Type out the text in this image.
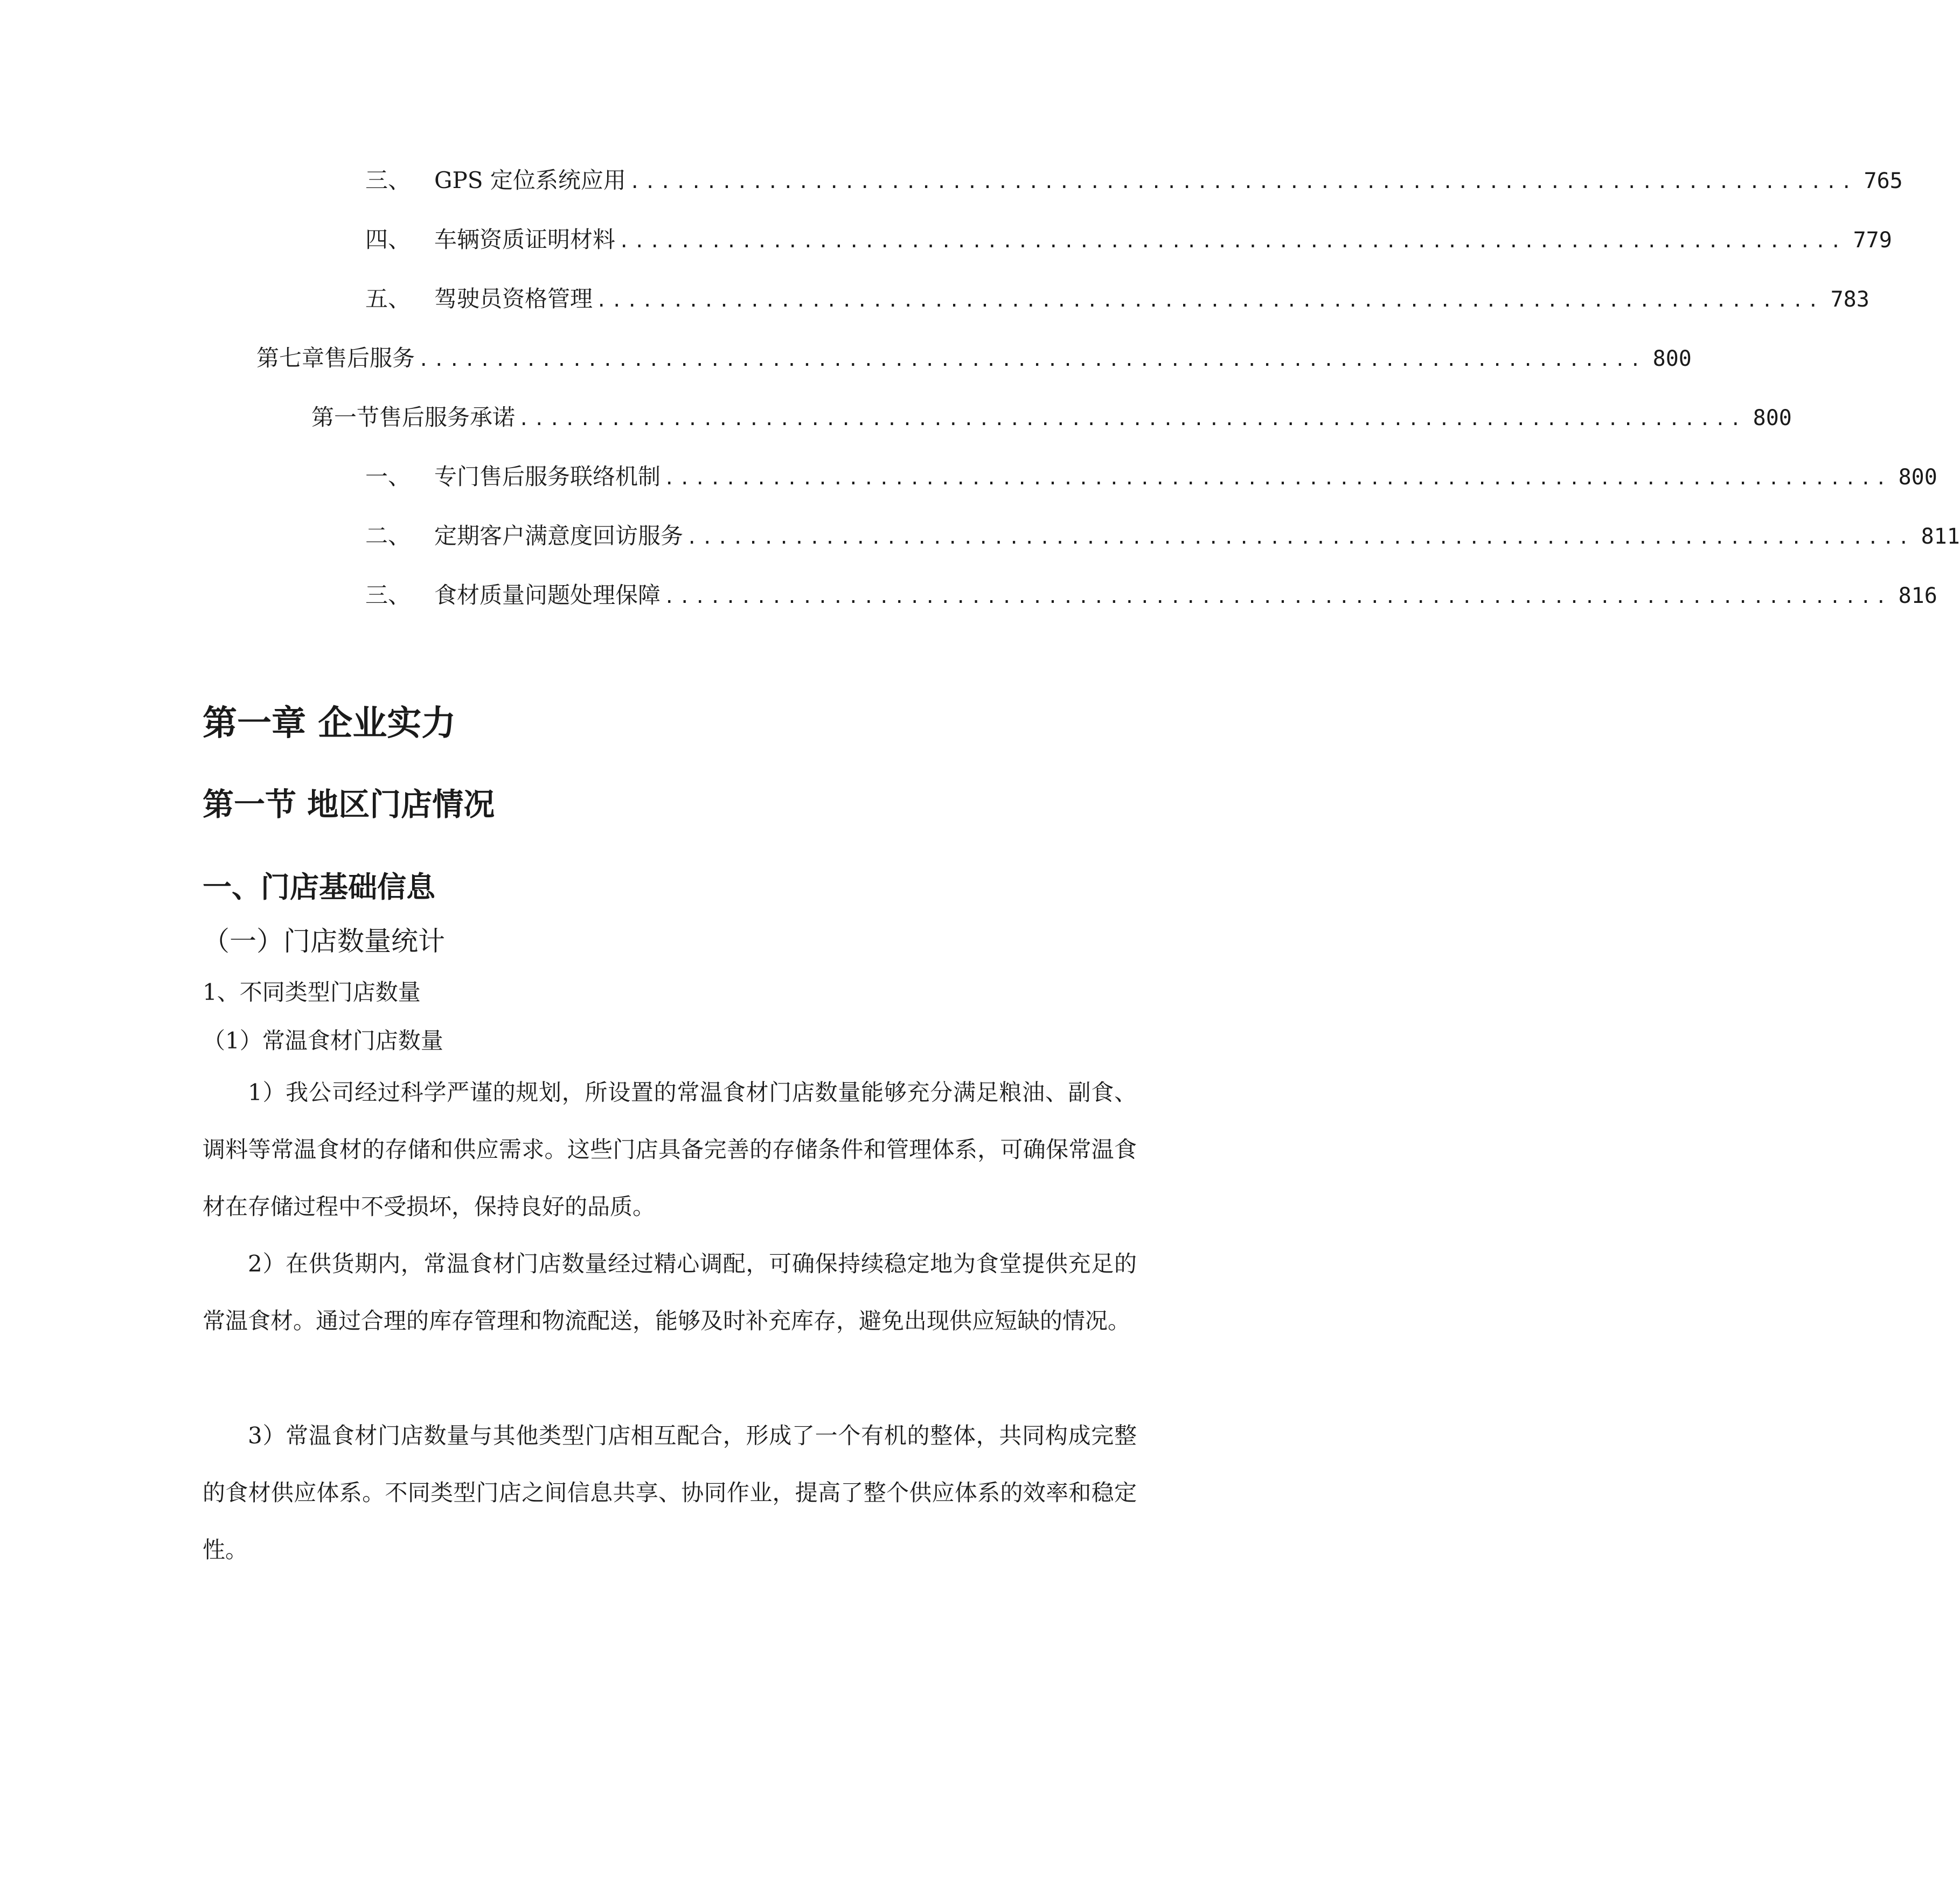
三、	GPS 定位系统应用 ................................................................................ 765
四、	车辆资质证明材料 ................................................................................ 779
五、	驾驶员资格管理 ................................................................................ 783
第七章 售后服务 ................................................................................ 800
第一节 售后服务承诺 ................................................................................ 800
一、	专门售后服务联络机制 ................................................................................ 800
二、	定期客户满意度回访服务 ................................................................................ 811
三、	食材质量问题处理保障 ................................................................................ 816
第一章 企业实力
第一节 地区门店情况
一、门店基础信息
（一）门店数量统计
1、不同类型门店数量
（1）常温食材门店数量

1）我公司经过科学严谨的规划，所设置的常温食材门店数量能够充分满足粮油、副食、调料等常温食材的存储和供应需求。这些门店具备完善的存储条件和管理体系，可确保常温食材在存储过程中不受损坏，保持良好的品质。

2）在供货期内，常温食材门店数量经过精心调配，可确保持续稳定地为食堂提供充足的常温食材。通过合理的库存管理和物流配送，能够及时补充库存，避免出现供应短缺的情况。

3）常温食材门店数量与其他类型门店相互配合，形成了一个有机的整体，共同构成完整的食材供应体系。不同类型门店之间信息共享、协同作业，提高了整个供应体系的效率和稳定性。
